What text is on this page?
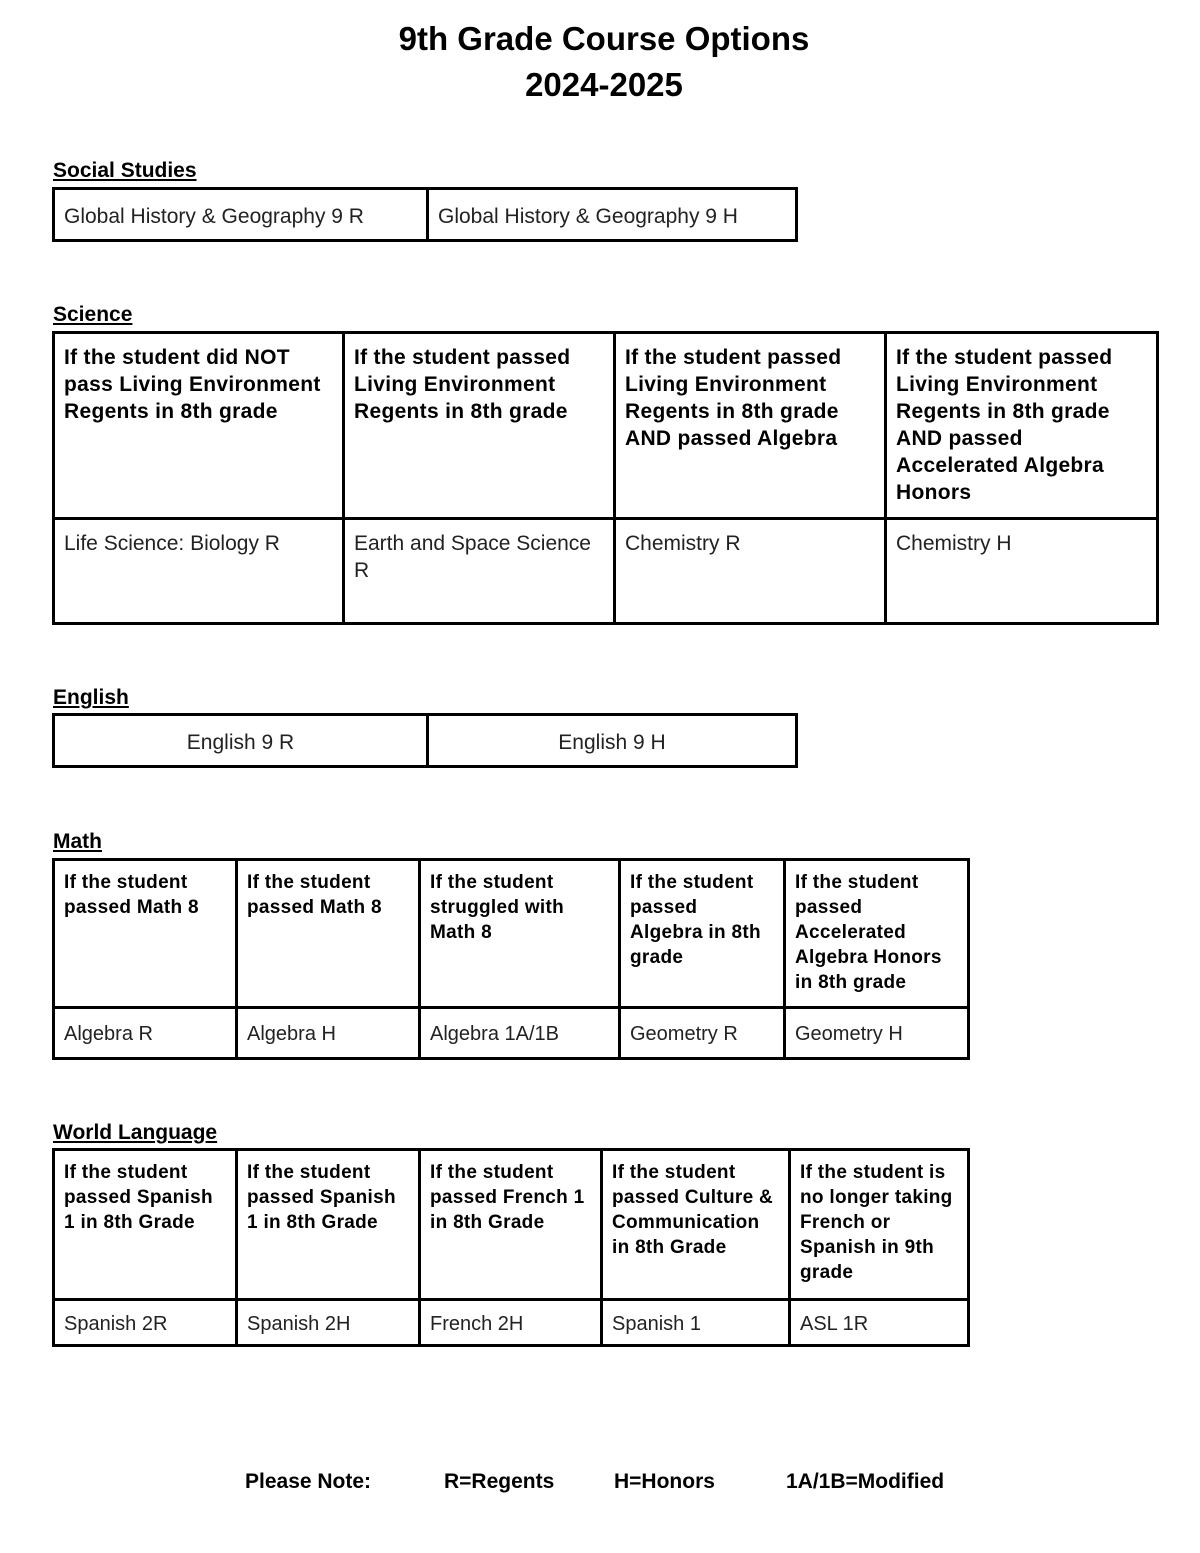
9th Grade Course Options
2024-2025
Social Studies
Global History & Geography 9 R	Global History & Geography 9 H
Science
If the student did NOT pass Living Environment Regents in 8th grade	If the student passed Living Environment Regents in 8th grade	If the student passed Living Environment Regents in 8th grade AND passed Algebra	If the student passed Living Environment Regents in 8th grade AND passed Accelerated Algebra Honors
Life Science: Biology R	Earth and Space Science R	Chemistry R	Chemistry H
English
English 9 R	English 9 H
Math
If the student passed Math 8	If the student passed Math 8	If the student struggled with Math 8	If the student passed Algebra in 8th grade	If the student passed Accelerated Algebra Honors in 8th grade
Algebra R	Algebra H	Algebra 1A/1B	Geometry R	Geometry H
World Language
If the student passed Spanish 1 in 8th Grade	If the student passed Spanish 1 in 8th Grade	If the student passed French 1 in 8th Grade	If the student passed Culture & Communication in 8th Grade	If the student is no longer taking French or Spanish in 9th grade
Spanish 2R	Spanish 2H	French 2H	Spanish 1	ASL 1R
Please Note:	R=Regents	H=Honors	1A/1B=Modified
